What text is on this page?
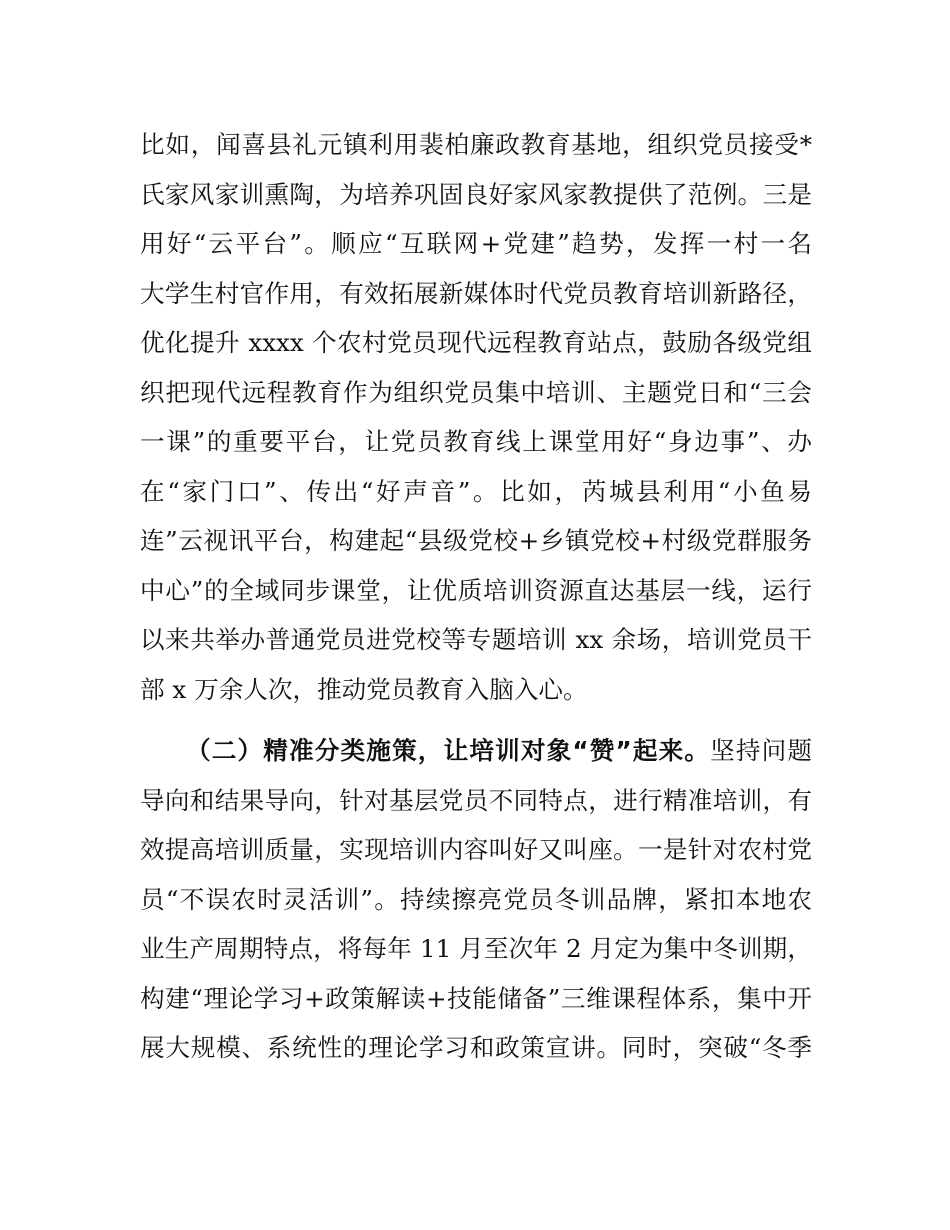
比如，闻喜县礼元镇利用裴柏廉政教育基地，组织党员接受*
氏家风家训熏陶，为培养巩固良好家风家教提供了范例。三是
用好“云平台”。顺应“互联网+党建”趋势，发挥一村一名
大学生村官作用，有效拓展新媒体时代党员教育培训新路径，
优化提升 xxxx 个农村党员现代远程教育站点，鼓励各级党组
织把现代远程教育作为组织党员集中培训、主题党日和“三会
一课”的重要平台，让党员教育线上课堂用好“身边事”、办
在“家门口”、传出“好声音”。比如，芮城县利用“小鱼易
连”云视讯平台，构建起“县级党校+乡镇党校+村级党群服务
中心”的全域同步课堂，让优质培训资源直达基层一线，运行
以来共举办普通党员进党校等专题培训 xx 余场，培训党员干
部 x 万余人次，推动党员教育入脑入心。
（二）精准分类施策，让培训对象“赞”起来。坚持问题
导向和结果导向，针对基层党员不同特点，进行精准培训，有
效提高培训质量，实现培训内容叫好又叫座。一是针对农村党
员“不误农时灵活训”。持续擦亮党员冬训品牌，紧扣本地农
业生产周期特点，将每年 11 月至次年 2 月定为集中冬训期，
构建“理论学习+政策解读+技能储备”三维课程体系，集中开
展大规模、系统性的理论学习和政策宣讲。同时，突破“冬季
